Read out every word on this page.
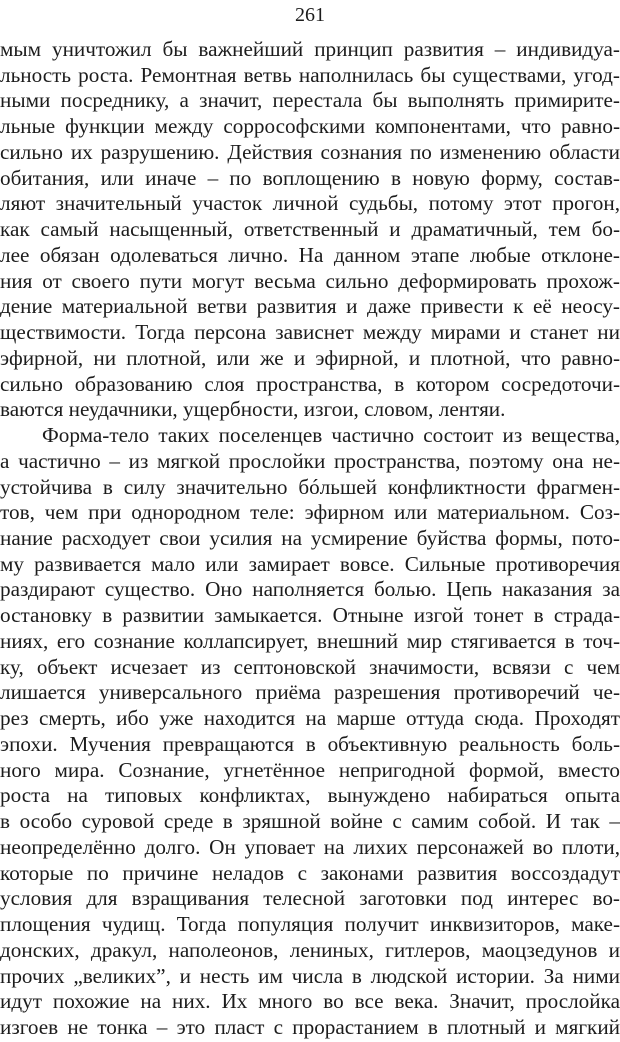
261
мым уничтожил бы важнейший принцип развития – индивидуа-
льность роста. Ремонтная ветвь наполнилась бы существами, угод-
ными посреднику, а значит, перестала бы выполнять примирите-
льные функции между соррософскими компонентами, что равно-
сильно их разрушению. Действия сознания по изменению области
обитания, или иначе – по воплощению в новую форму, состав-
ляют значительный участок личной судьбы, потому этот прогон,
как самый насыщенный, ответственный и драматичный, тем бо-
лее обязан одолеваться лично. На данном этапе любые отклоне-
ния от своего пути могут весьма сильно деформировать прохож-
дение материальной ветви развития и даже привести к её неосу-
ществимости. Тогда персона зависнет между мирами и станет ни
эфирной, ни плотной, или же и эфирной, и плотной, что равно-
сильно образованию слоя пространства, в котором сосредоточи-
ваются неудачники, ущербности, изгои, словом, лентяи.
Форма-тело таких поселенцев частично состоит из вещества,
а частично – из мягкой прослойки пространства, поэтому она не-
устойчива в силу значительно бóльшей конфликтности фрагмен-
тов, чем при однородном теле: эфирном или материальном. Соз-
нание расходует свои усилия на усмирение буйства формы, пото-
му развивается мало или замирает вовсе. Сильные противоречия
раздирают существо. Оно наполняется болью. Цепь наказания за
остановку в развитии замыкается. Отныне изгой тонет в страда-
ниях, его сознание коллапсирует, внешний мир стягивается в точ-
ку, объект исчезает из септоновской значимости, всвязи с чем
лишается универсального приёма разрешения противоречий че-
рез смерть, ибо уже находится на марше оттуда сюда. Проходят
эпохи. Мучения превращаются в объективную реальность боль-
ного мира. Сознание, угнетённое непригодной формой, вместо
роста на типовых конфликтах, вынуждено набираться опыта
в особо суровой среде в зряшной войне с самим собой. И так –
неопределённо долго. Он уповает на лихих персонажей во плоти,
которые по причине неладов с законами развития воссоздадут
условия для взращивания телесной заготовки под интерес во-
площения чудищ. Тогда популяция получит инквизиторов, маке-
донских, дракул, наполеонов, лениных, гитлеров, маоцзедунов и
прочих „великих”, и несть им числа в людской истории. За ними
идут похожие на них. Их много во все века. Значит, прослойка
изгоев не тонка – это пласт с прорастанием в плотный и мягкий
